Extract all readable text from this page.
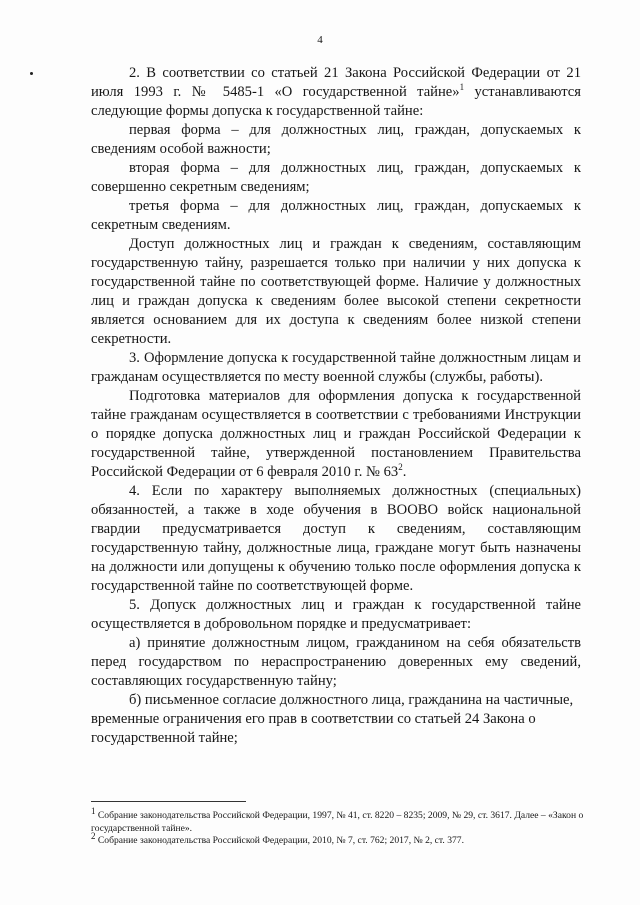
4

2. В соответствии со статьей 21 Закона Российской Федерации от 21 июля 1993 г. № 5485-1 «О государственной тайне»$^1$ устанавливаются следующие формы допуска к государственной тайне:

первая форма – для должностных лиц, граждан, допускаемых к сведениям особой важности;

вторая форма – для должностных лиц, граждан, допускаемых к совершенно секретным сведениям;

третья форма – для должностных лиц, граждан, допускаемых к секретным сведениям.

Доступ должностных лиц и граждан к сведениям, составляющим государственную тайну, разрешается только при наличии у них допуска к государственной тайне по соответствующей форме. Наличие у должностных лиц и граждан допуска к сведениям более высокой степени секретности является основанием для их доступа к сведениям более низкой степени секретности.

3. Оформление допуска к государственной тайне должностным лицам и гражданам осуществляется по месту военной службы (службы, работы).

Подготовка материалов для оформления допуска к государственной тайне гражданам осуществляется в соответствии с требованиями Инструкции о порядке допуска должностных лиц и граждан Российской Федерации к государственной тайне, утвержденной постановлением Правительства Российской Федерации от 6 февраля 2010 г. № $63^2$.

4. Если по характеру выполняемых должностных (специальных) обязанностей, а также в ходе обучения в ВООВО войск национальной гвардии предусматривается доступ к сведениям, составляющим государственную тайну, должностные лица, граждане могут быть назначены на должности или допущены к обучению только после оформления допуска к государственной тайне по соответствующей форме.

5. Допуск должностных лиц и граждан к государственной тайне осуществляется в добровольном порядке и предусматривает:

а) принятие должностным лицом, гражданином на себя обязательств перед государством по нераспространению доверенных ему сведений, составляющих государственную тайну;

б) письменное согласие должностного лица, гражданина на частичные, временные ограничения его прав в соответствии со статьей 24 Закона о государственной тайне;

$^1$ Собрание законодательства Российской Федерации, 1997, № 41, ст. 8220 – 8235; 2009, № 29, ст. 3617. Далее – «Закон о государственной тайне».

$^2$ Собрание законодательства Российской Федерации, 2010, № 7, ст. 762; 2017, № 2, ст. 377.
